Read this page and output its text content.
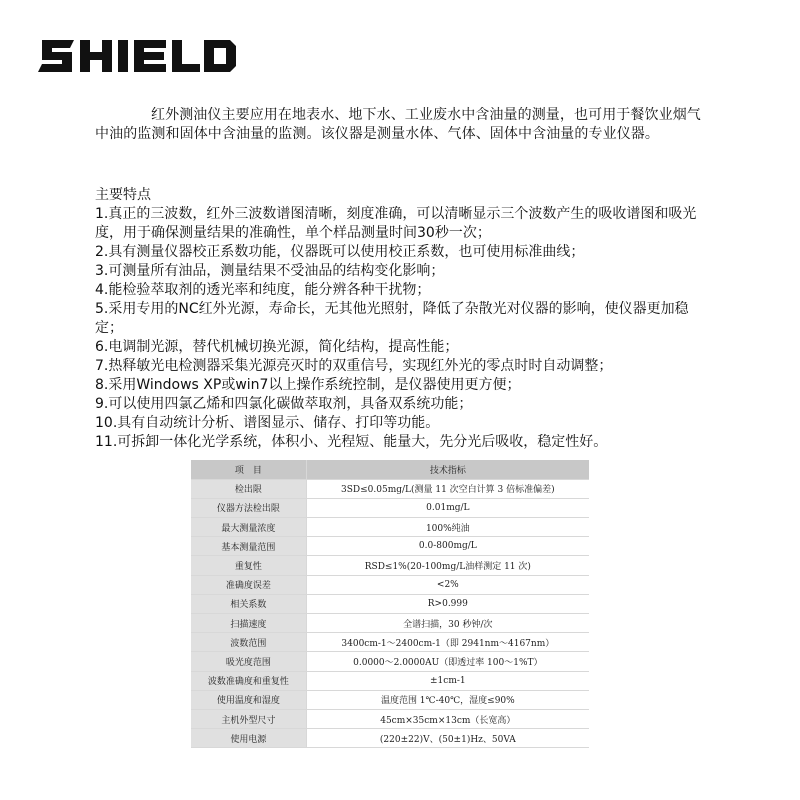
红外测油仪主要应用在地表水、地下水、工业废水中含油量的测量，也可用于餐饮业烟气中油的监测和固体中含油量的监测。该仪器是测量水体、气体、固体中含油量的专业仪器。
主要特点
1.真正的三波数，红外三波数谱图清晰，刻度准确，可以清晰显示三个波数产生的吸收谱图和吸光度，用于确保测量结果的准确性，单个样品测量时间30秒一次；
2.具有测量仪器校正系数功能，仪器既可以使用校正系数，也可使用标准曲线；
3.可测量所有油品，测量结果不受油品的结构变化影响；
4.能检验萃取剂的透光率和纯度，能分辨各种干扰物；
5.采用专用的NC红外光源，寿命长，无其他光照射，降低了杂散光对仪器的影响，使仪器更加稳定；
6.电调制光源，替代机械切换光源，简化结构，提高性能；
7.热释敏光电检测器采集光源亮灭时的双重信号，实现红外光的零点时时自动调整；
8.采用Windows XP或win7以上操作系统控制，是仪器使用更方便；
9.可以使用四氯乙烯和四氯化碳做萃取剂，具备双系统功能；
10.具有自动统计分析、谱图显示、储存、打印等功能。
11.可拆卸一体化光学系统，体积小、光程短、能量大，先分光后吸收，稳定性好。
项　目	技术指标
检出限	3SD≤0.05mg/L(测量 11 次空白计算 3 倍标准偏差)
仪器方法检出限	0.01mg/L
最大测量浓度	100%纯油
基本测量范围	0.0-800mg/L
重复性	RSD≤1%(20-100mg/L油样测定 11 次)
准确度误差	<2%
相关系数	R>0.999
扫描速度	全谱扫描，30 秒钟/次
波数范围	3400cm-1～2400cm-1（即 2941nm～4167nm）
吸光度范围	0.0000～2.0000AU（即透过率 100～1%T）
波数准确度和重复性	±1cm-1
使用温度和湿度	温度范围 1℃-40℃，湿度≤90%
主机外型尺寸	45cm×35cm×13cm（长宽高）
使用电源	(220±22)V、(50±1)Hz、50VA
